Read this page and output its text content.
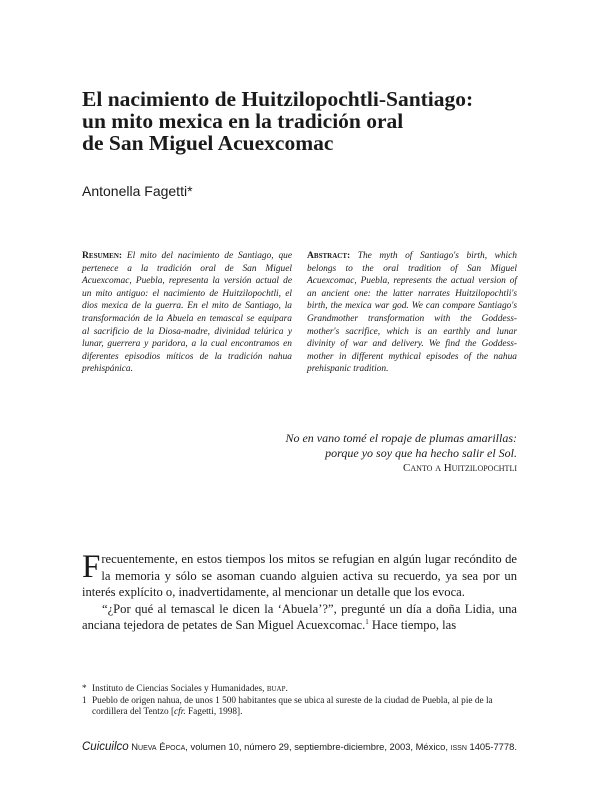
El nacimiento de Huitzilopochtli-Santiago:
un mito mexica en la tradición oral
de San Miguel Acuexcomac
Antonella Fagetti*

Resumen: El mito del nacimiento de Santiago, que pertenece a la tradición oral de San Miguel Acuexcomac, Puebla, representa la versión actual de un mito antiguo: el nacimiento de Huitzilopochtli, el dios mexica de la guerra. En el mito de Santiago, la transformación de la Abuela en temascal se equipara al sacrificio de la Diosa-madre, divinidad telúrica y lunar, guerrera y paridora, a la cual encontramos en diferentes episodios míticos de la tradición nahua prehispánica.

Abstract: The myth of Santiago's birth, which belongs to the oral tradition of San Miguel Acuexcomac, Puebla, represents the actual version of an ancient one: the latter narrates Huitzilopochtli's birth, the mexica war god. We can compare Santiago's Grandmother transformation with the Goddess-mother's sacrifice, which is an earthly and lunar divinity of war and delivery. We find the Goddess-mother in different mythical episodes of the nahua prehispanic tradition.

No en vano tomé el ropaje de plumas amarillas:
porque yo soy que ha hecho salir el Sol.
Canto a Huitzilopochtli

Frecuentemente, en estos tiempos los mitos se refugian en algún lugar recóndito de la memoria y sólo se asoman cuando alguien activa su recuerdo, ya sea por un interés explícito o, inadvertidamente, al mencionar un detalle que los evoca.

“¿Por qué al temascal le dicen la ‘Abuela’?”, pregunté un día a doña Lidia, una anciana tejedora de petates de San Miguel Acuexcomac.$^1$ Hace tiempo, las

* Instituto de Ciencias Sociales y Humanidades, buap.

1 Pueblo de origen nahua, de unos 1 500 habitantes que se ubica al sureste de la ciudad de Puebla, al pie de la cordillera del Tentzo [cfr. Fagetti, 1998].

Cuicuilco Nueva Época, volumen 10, número 29, septiembre-diciembre, 2003, México, issn 1405-7778.
